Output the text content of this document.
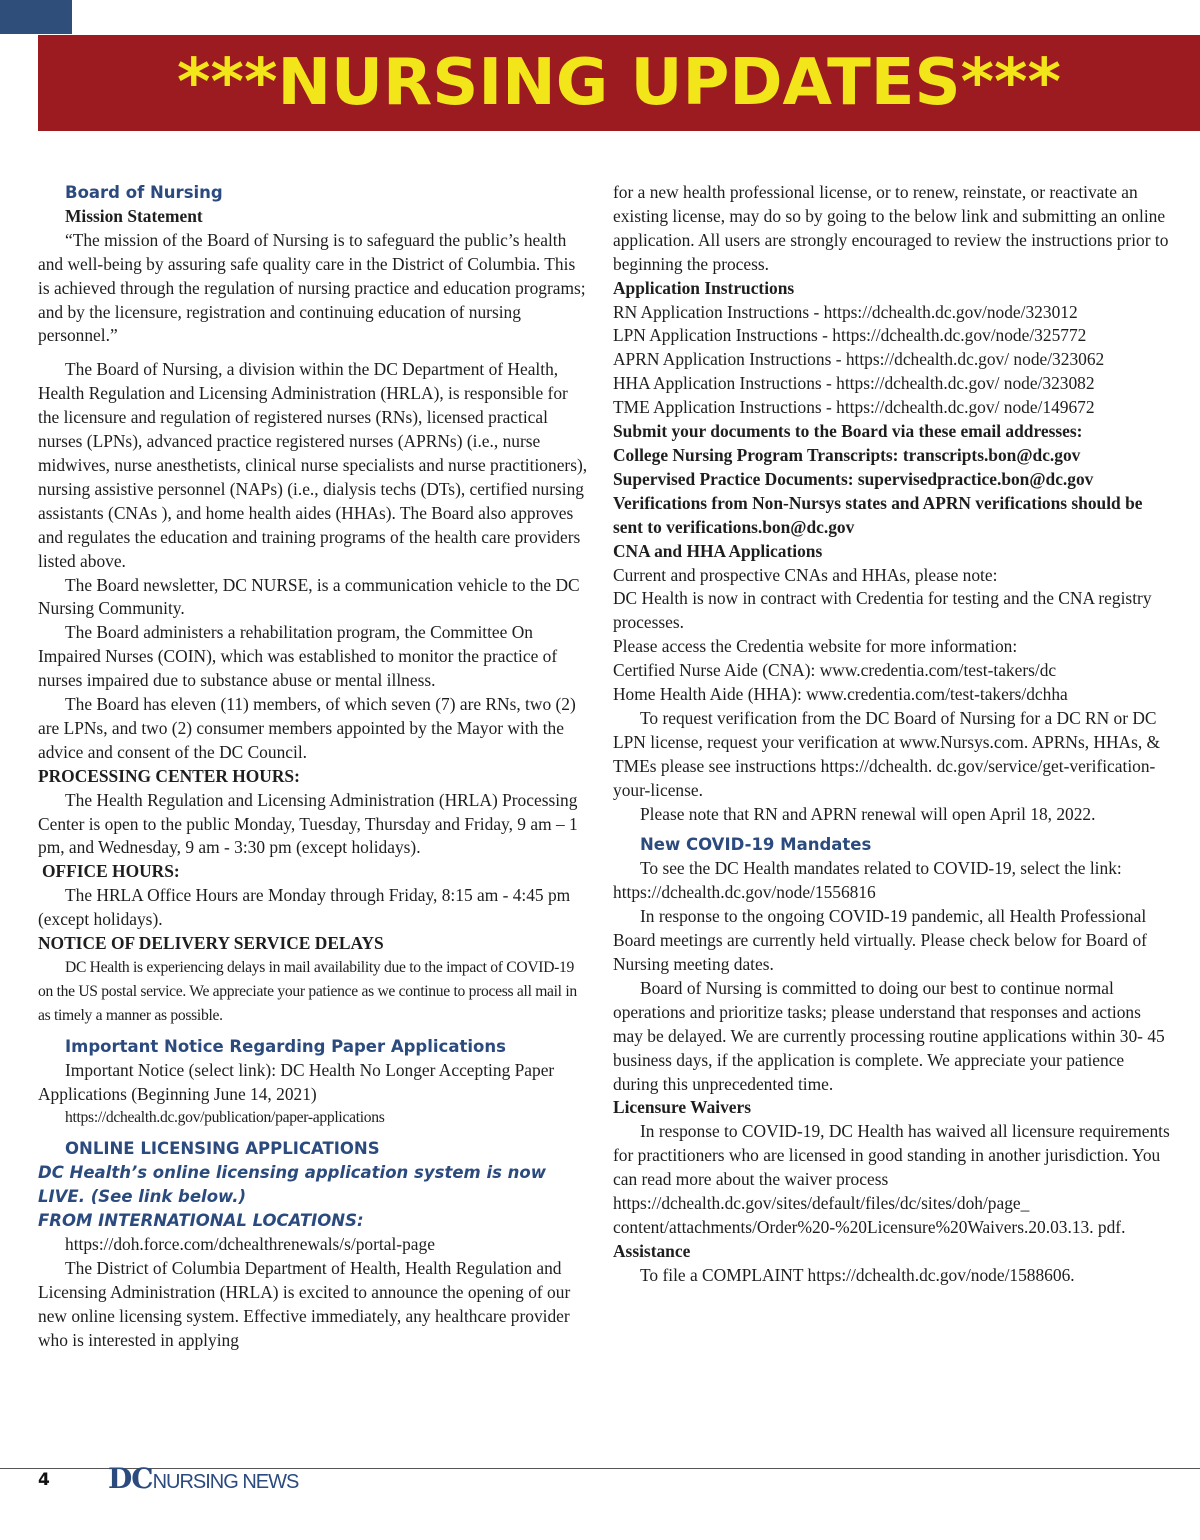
***NURSING UPDATES***

Board of Nursing

Mission Statement

“The mission of the Board of Nursing is to safeguard the public’s health and well-being by assuring safe quality care in the District of Columbia. This is achieved through the regulation of nursing practice and education programs; and by the licensure, registration and continuing education of nursing personnel.”

The Board of Nursing, a division within the DC Department of Health, Health Regulation and Licensing Administration (HRLA), is responsible for the licensure and regulation of registered nurses (RNs), licensed practical nurses (LPNs), advanced practice registered nurses (APRNs) (i.e., nurse midwives, nurse anesthetists, clinical nurse specialists and nurse practitioners), nursing assistive personnel (NAPs) (i.e., dialysis techs (DTs), certified nursing assistants (CNAs ), and home health aides (HHAs). The Board also approves and regulates the education and training programs of the health care providers listed above.

The Board newsletter, DC NURSE, is a communication vehicle to the DC Nursing Community.

The Board administers a rehabilitation program, the Committee On Impaired Nurses (COIN), which was established to monitor the practice of nurses impaired due to substance abuse or mental illness.

The Board has eleven (11) members, of which seven (7) are RNs, two (2) are LPNs, and two (2) consumer members appointed by the Mayor with the advice and consent of the DC Council.

PROCESSING CENTER HOURS:

The Health Regulation and Licensing Administration (HRLA) Processing Center is open to the public Monday, Tuesday, Thursday and Friday, 9 am – 1 pm, and Wednesday, 9 am - 3:30 pm (except holidays).

OFFICE HOURS:

The HRLA Office Hours are Monday through Friday, 8:15 am - 4:45 pm (except holidays).

NOTICE OF DELIVERY SERVICE DELAYS

DC Health is experiencing delays in mail availability due to the impact of COVID-19 on the US postal service. We appreciate your patience as we continue to process all mail in as timely a manner as possible.

Important Notice Regarding Paper Applications

Important Notice (select link): DC Health No Longer Accepting Paper Applications (Beginning June 14, 2021)

https://dchealth.dc.gov/publication/paper-applications

ONLINE LICENSING APPLICATIONS

DC Health’s online licensing application system is now LIVE. (See link below.)

FROM INTERNATIONAL LOCATIONS:

https://doh.force.com/dchealthrenewals/s/portal-page

The District of Columbia Department of Health, Health Regulation and Licensing Administration (HRLA) is excited to announce the opening of our new online licensing system. Effective immediately, any healthcare provider who is interested in applying

for a new health professional license, or to renew, reinstate, or reactivate an existing license, may do so by going to the below link and submitting an online application. All users are strongly encouraged to review the instructions prior to beginning the process.

Application Instructions

RN Application Instructions - https://dchealth.dc.gov/node/323012

LPN Application Instructions - https://dchealth.dc.gov/node/325772

APRN Application Instructions - https://dchealth.dc.gov/ node/323062

HHA Application Instructions - https://dchealth.dc.gov/ node/323082

TME Application Instructions - https://dchealth.dc.gov/ node/149672

Submit your documents to the Board via these email addresses:

College Nursing Program Transcripts: transcripts.bon@dc.gov

Supervised Practice Documents: supervisedpractice.bon@dc.gov

Verifications from Non-Nursys states and APRN verifications should be sent to verifications.bon@dc.gov

CNA and HHA Applications

Current and prospective CNAs and HHAs, please note:

DC Health is now in contract with Credentia for testing and the CNA registry processes.

Please access the Credentia website for more information:

Certified Nurse Aide (CNA): www.credentia.com/test-takers/dc

Home Health Aide (HHA): www.credentia.com/test-takers/dchha

To request verification from the DC Board of Nursing for a DC RN or DC LPN license, request your verification at www.Nursys.com. APRNs, HHAs, & TMEs please see instructions https://dchealth. dc.gov/service/get-verification-your-license.

Please note that RN and APRN renewal will open April 18, 2022.

New COVID-19 Mandates

To see the DC Health mandates related to COVID-19, select the link: https://dchealth.dc.gov/node/1556816

In response to the ongoing COVID-19 pandemic, all Health Professional Board meetings are currently held virtually. Please check below for Board of Nursing meeting dates.

Board of Nursing is committed to doing our best to continue normal operations and prioritize tasks; please understand that responses and actions may be delayed. We are currently processing routine applications within 30- 45 business days, if the application is complete. We appreciate your patience during this unprecedented time.

Licensure Waivers

In response to COVID-19, DC Health has waived all licensure requirements for practitioners who are licensed in good standing in another jurisdiction. You can read more about the waiver process https://dchealth.dc.gov/sites/default/files/dc/sites/doh/page_ content/attachments/Order%20-%20Licensure%20Waivers.20.03.13. pdf.

Assistance

To file a COMPLAINT https://dchealth.dc.gov/node/1588606.

4 DCNURSING NEWS
